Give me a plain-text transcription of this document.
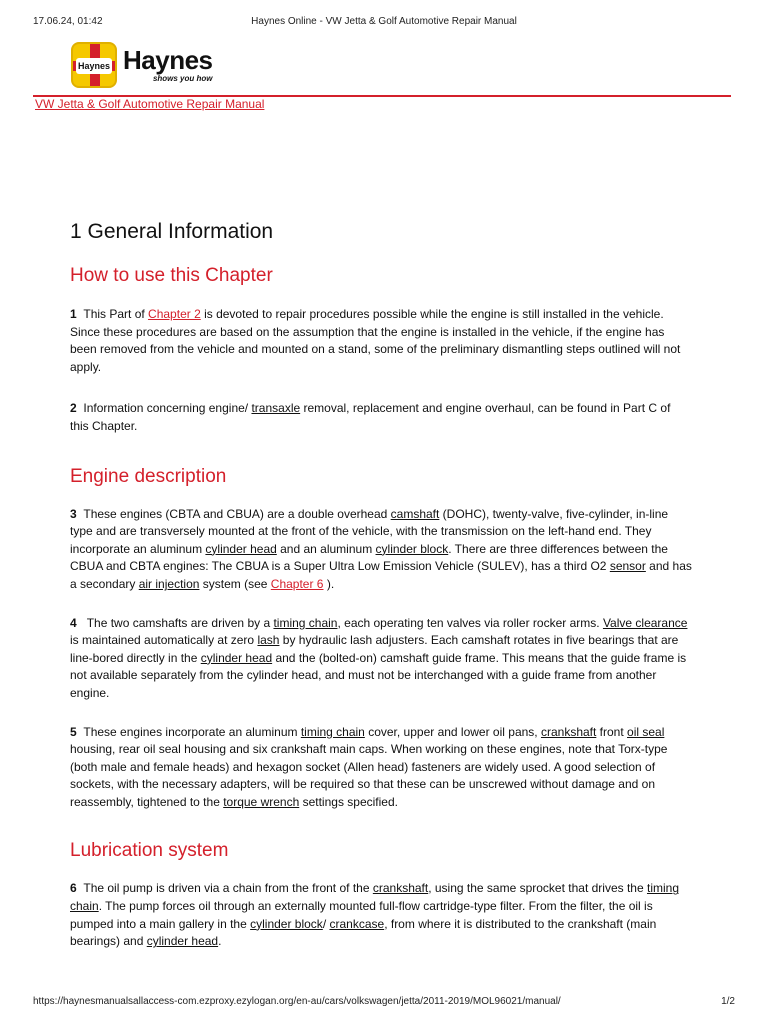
17.06.24, 01:42	Haynes Online - VW Jetta & Golf Automotive Repair Manual
Haynes Haynes
shows you how
VW Jetta & Golf Automotive Repair Manual
1 General Information
How to use this Chapter

1 This Part of Chapter 2 is devoted to repair procedures possible while the engine is still installed in the vehicle. Since these procedures are based on the assumption that the engine is installed in the vehicle, if the engine has been removed from the vehicle and mounted on a stand, some of the preliminary dismantling steps outlined will not apply.

2 Information concerning engine/ transaxle removal, replacement and engine overhaul, can be found in Part C of this Chapter.

Engine description

3 These engines (CBTA and CBUA) are a double overhead camshaft (DOHC), twenty-valve, five-cylinder, in-line type and are transversely mounted at the front of the vehicle, with the transmission on the left-hand end. They incorporate an aluminum cylinder head and an aluminum cylinder block. There are three differences between the CBUA and CBTA engines: The CBUA is a Super Ultra Low Emission Vehicle (SULEV), has a third O2 sensor and has a secondary air injection system (see Chapter 6 ).

4 The two camshafts are driven by a timing chain, each operating ten valves via roller rocker arms. Valve clearance is maintained automatically at zero lash by hydraulic lash adjusters. Each camshaft rotates in five bearings that are line-bored directly in the cylinder head and the (bolted-on) camshaft guide frame. This means that the guide frame is not available separately from the cylinder head, and must not be interchanged with a guide frame from another engine.

5 These engines incorporate an aluminum timing chain cover, upper and lower oil pans, crankshaft front oil seal housing, rear oil seal housing and six crankshaft main caps. When working on these engines, note that Torx-type (both male and female heads) and hexagon socket (Allen head) fasteners are widely used. A good selection of sockets, with the necessary adapters, will be required so that these can be unscrewed without damage and on reassembly, tightened to the torque wrench settings specified.

Lubrication system

6 The oil pump is driven via a chain from the front of the crankshaft, using the same sprocket that drives the timing chain. The pump forces oil through an externally mounted full-flow cartridge-type filter. From the filter, the oil is pumped into a main gallery in the cylinder block/ crankcase, from where it is distributed to the crankshaft (main bearings) and cylinder head.

https://haynesmanualsallaccess-com.ezproxy.ezylogan.org/en-au/cars/volkswagen/jetta/2011-2019/MOL96021/manual/	1/2
